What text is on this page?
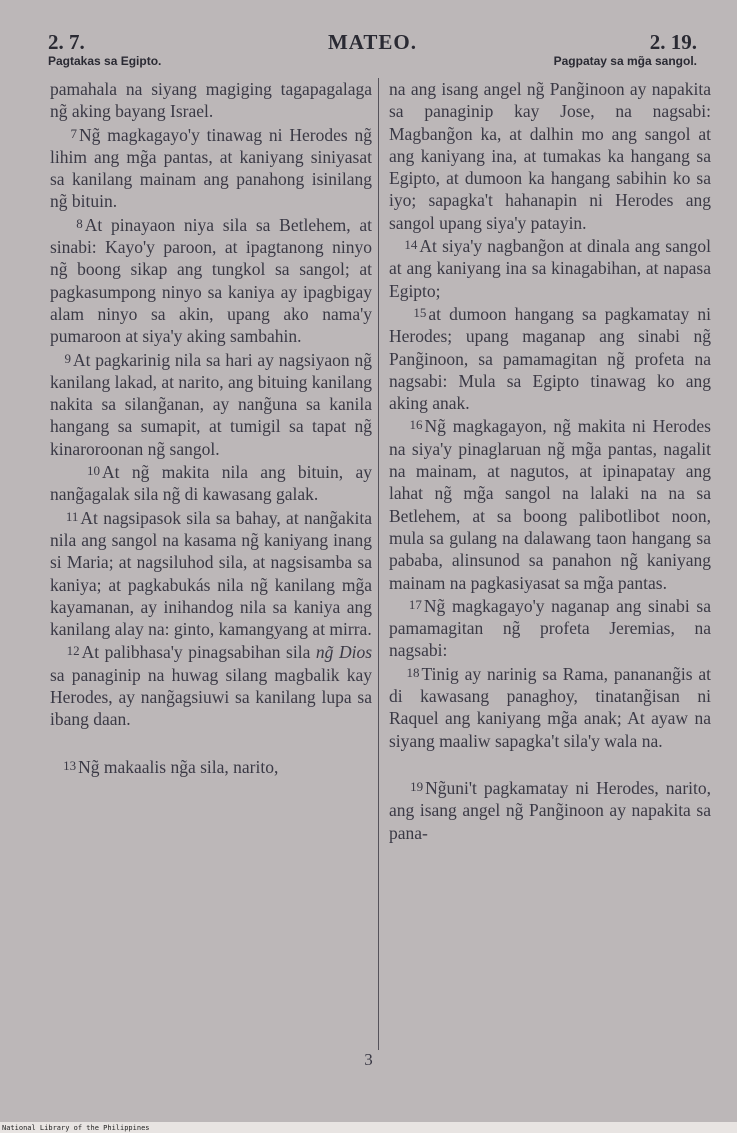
2. 7.	MATEO.	2. 19.
Pagtakas sa Egipto.	Pagpatay sa mg̃a sangol.

pamahala na siyang magiging tagapagalaga ng̃ aking bayang Israel.

7 Ng̃ magkagayo'y tinawag ni Herodes ng̃ lihim ang mg̃a pantas, at kaniyang siniyasat sa kanilang mainam ang panahong isinilang ng̃ bituin.

8 At pinayaon niya sila sa Betlehem, at sinabi: Kayo'y paroon, at ipagtanong ninyo ng̃ boong sikap ang tungkol sa sangol; at pagkasumpong ninyo sa kaniya ay ipagbigay alam ninyo sa akin, upang ako nama'y pumaroon at siya'y aking sambahin.

9 At pagkarinig nila sa hari ay nagsiyaon ng̃ kanilang lakad, at narito, ang bituing kanilang nakita sa silang̃anan, ay nang̃una sa kanila hangang sa sumapit, at tumigil sa tapat ng̃ kinaroroonan ng̃ sangol.

10 At ng̃ makita nila ang bituin, ay nang̃agalak sila ng̃ di kawasang galak.

11 At nagsipasok sila sa bahay, at nang̃akita nila ang sangol na kasama ng̃ kaniyang inang si Maria; at nagsiluhod sila, at nagsisamba sa kaniya; at pagkabukás nila ng̃ kanilang mg̃a kayamanan, ay inihandog nila sa kaniya ang kanilang alay na: ginto, kamangyang at mirra.

12 At palibhasa'y pinagsabihan sila ng̃ Dios sa panaginip na huwag silang magbalik kay Herodes, ay nang̃agsiuwi sa kanilang lupa sa ibang daan.

13 Ng̃ makaalis ng̃a sila, narito,

na ang isang angel ng̃ Pang̃inoon ay napakita sa panaginip kay Jose, na nagsabi: Magbang̃on ka, at dalhin mo ang sangol at ang kaniyang ina, at tumakas ka hangang sa Egipto, at dumoon ka hangang sabihin ko sa iyo; sapagka't hahanapin ni Herodes ang sangol upang siya'y patayin.

14 At siya'y nagbang̃on at dinala ang sangol at ang kaniyang ina sa kinagabihan, at napasa Egipto;

15 at dumoon hangang sa pagkamatay ni Herodes; upang maganap ang sinabi ng̃ Pang̃inoon, sa pamamagitan ng̃ profeta na nagsabi: Mula sa Egipto tinawag ko ang aking anak.

16 Ng̃ magkagayon, ng̃ makita ni Herodes na siya'y pinaglaruan ng̃ mg̃a pantas, nagalit na mainam, at nagutos, at ipinapatay ang lahat ng̃ mg̃a sangol na lalaki na na sa Betlehem, at sa boong palibotlibot noon, mula sa gulang na dalawang taon hangang sa pababa, alinsunod sa panahon ng̃ kaniyang mainam na pagkasiyasat sa mg̃a pantas.

17 Ng̃ magkagayo'y naganap ang sinabi sa pamamagitan ng̃ profeta Jeremias, na nagsabi:

18 Tinig ay narinig sa Rama, pananang̃is at di kawasang panaghoy, tinatang̃isan ni Raquel ang kaniyang mg̃a anak; At ayaw na siyang maaliw sapagka't sila'y wala na.

19 Ng̃uni't pagkamatay ni Herodes, narito, ang isang angel ng̃ Pang̃inoon ay napakita sa pana-

3
National Library of the Philippines
